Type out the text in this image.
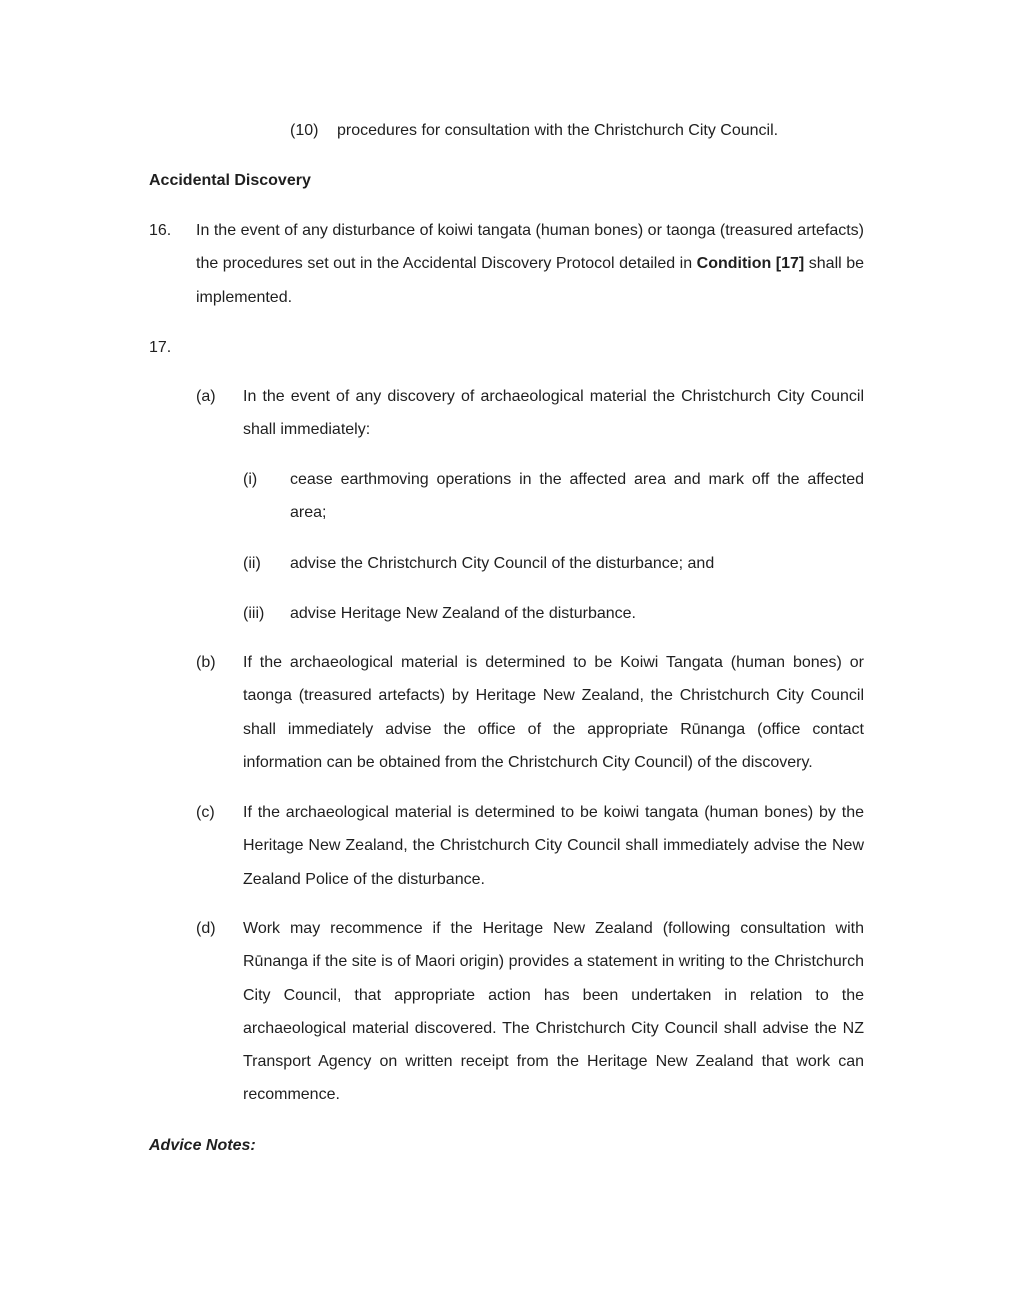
(10) procedures for consultation with the Christchurch City Council.
Accidental Discovery
16. In the event of any disturbance of koiwi tangata (human bones) or taonga (treasured artefacts) the procedures set out in the Accidental Discovery Protocol detailed in Condition [17] shall be implemented.
17.
(a) In the event of any discovery of archaeological material the Christchurch City Council shall immediately:
(i) cease earthmoving operations in the affected area and mark off the affected area;
(ii) advise the Christchurch City Council of the disturbance; and
(iii) advise Heritage New Zealand of the disturbance.
(b) If the archaeological material is determined to be Koiwi Tangata (human bones) or taonga (treasured artefacts) by Heritage New Zealand, the Christchurch City Council shall immediately advise the office of the appropriate Rūnanga (office contact information can be obtained from the Christchurch City Council) of the discovery.
(c) If the archaeological material is determined to be koiwi tangata (human bones) by the Heritage New Zealand, the Christchurch City Council shall immediately advise the New Zealand Police of the disturbance.
(d) Work may recommence if the Heritage New Zealand (following consultation with Rūnanga if the site is of Maori origin) provides a statement in writing to the Christchurch City Council, that appropriate action has been undertaken in relation to the archaeological material discovered. The Christchurch City Council shall advise the NZ Transport Agency on written receipt from the Heritage New Zealand that work can recommence.
Advice Notes:
